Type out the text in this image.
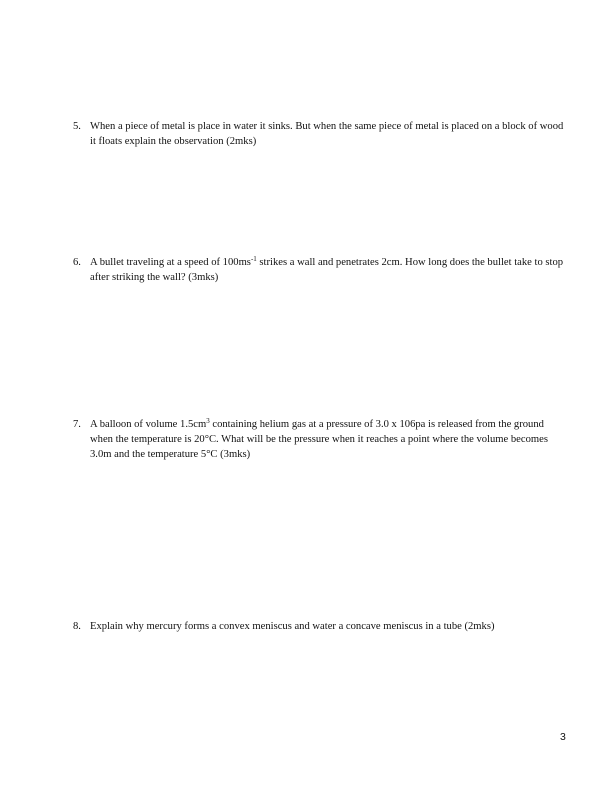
5. When a piece of metal is place in water it sinks. But when the same piece of metal is placed on a block of wood it floats explain the observation (2mks)
6. A bullet traveling at a speed of $100ms^{-1}$ strikes a wall and penetrates 2cm. How long does the bullet take to stop after striking the wall? (3mks)
7. A balloon of volume $1.5cm^3$ containing helium gas at a pressure of 3.0 x 106pa is released from the ground when the temperature is 20°C. What will be the pressure when it reaches a point where the volume becomes 3.0m and the temperature 5°C (3mks)
8. Explain why mercury forms a convex meniscus and water a concave meniscus in a tube (2mks)
3
